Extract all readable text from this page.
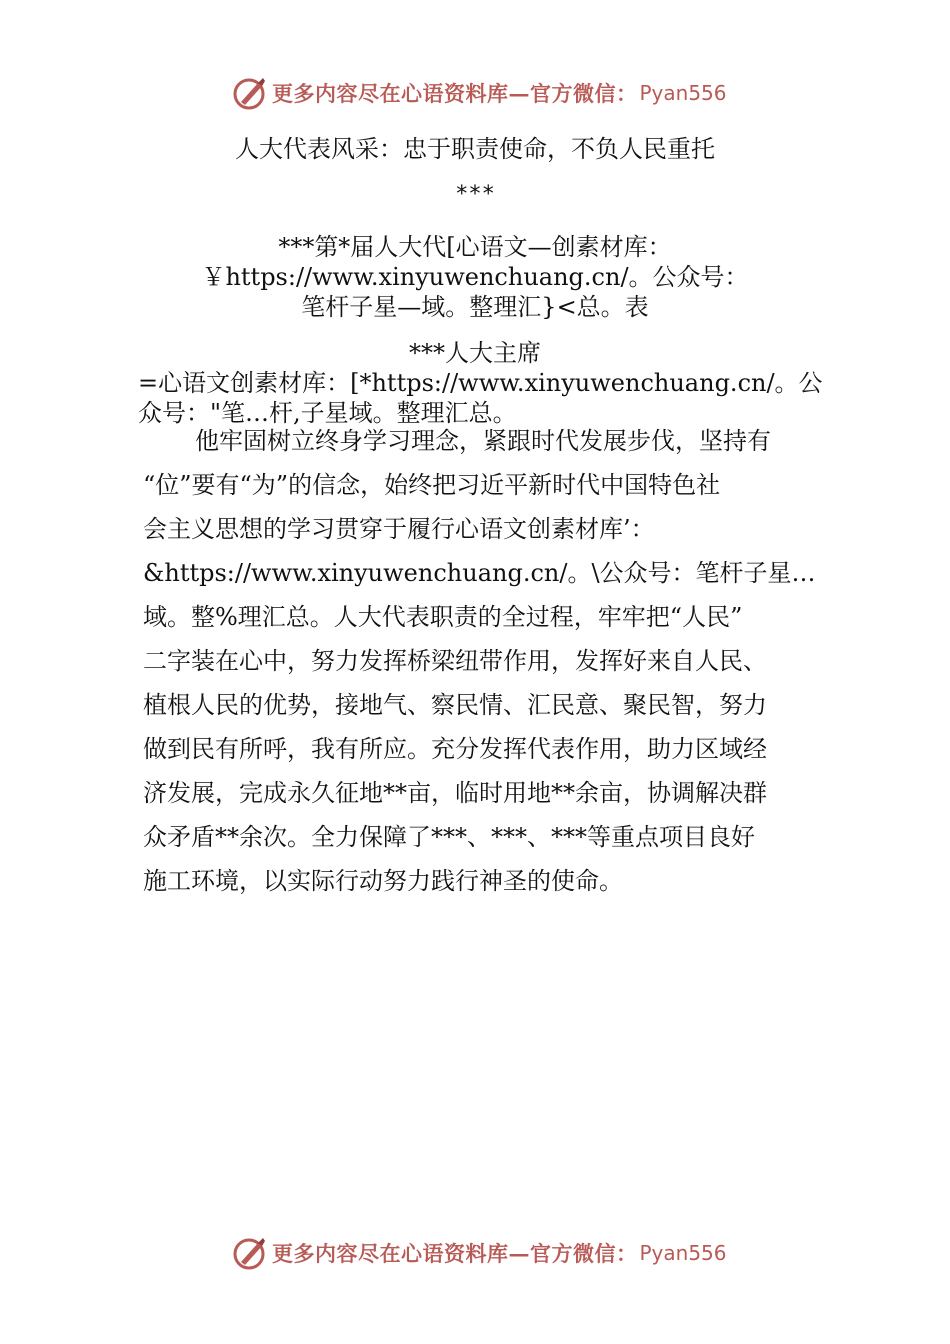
更多内容尽在心语资料库—官方微信： Pyan556
人大代表风采：忠于职责使命，不负人民重托
***
***第*届人大代[心语文—创素材库：
￥https://www.xinyuwenchuang.cn/。公众号：
笔杆子星—域。整理汇}<总。表
***人大主席
=心语文创素材库：[*https://www.xinyuwenchuang.cn/。公
众号："笔…杆,子星域。整理汇总。
他牢固树立终身学习理念，紧跟时代发展步伐，坚持有
“位”要有“为”的信念，始终把习近平新时代中国特色社
会主义思想的学习贯穿于履行心语文创素材库’：
&https://www.xinyuwenchuang.cn/。\公众号：笔杆子星…
域。整%理汇总。人大代表职责的全过程，牢牢把“人民”
二字装在心中，努力发挥桥梁纽带作用，发挥好来自人民、
植根人民的优势，接地气、察民情、汇民意、聚民智，努力
做到民有所呼，我有所应。充分发挥代表作用，助力区域经
济发展，完成永久征地**亩，临时用地**余亩，协调解决群
众矛盾**余次。全力保障了***、***、***等重点项目良好
施工环境，以实际行动努力践行神圣的使命。
更多内容尽在心语资料库—官方微信： Pyan556
